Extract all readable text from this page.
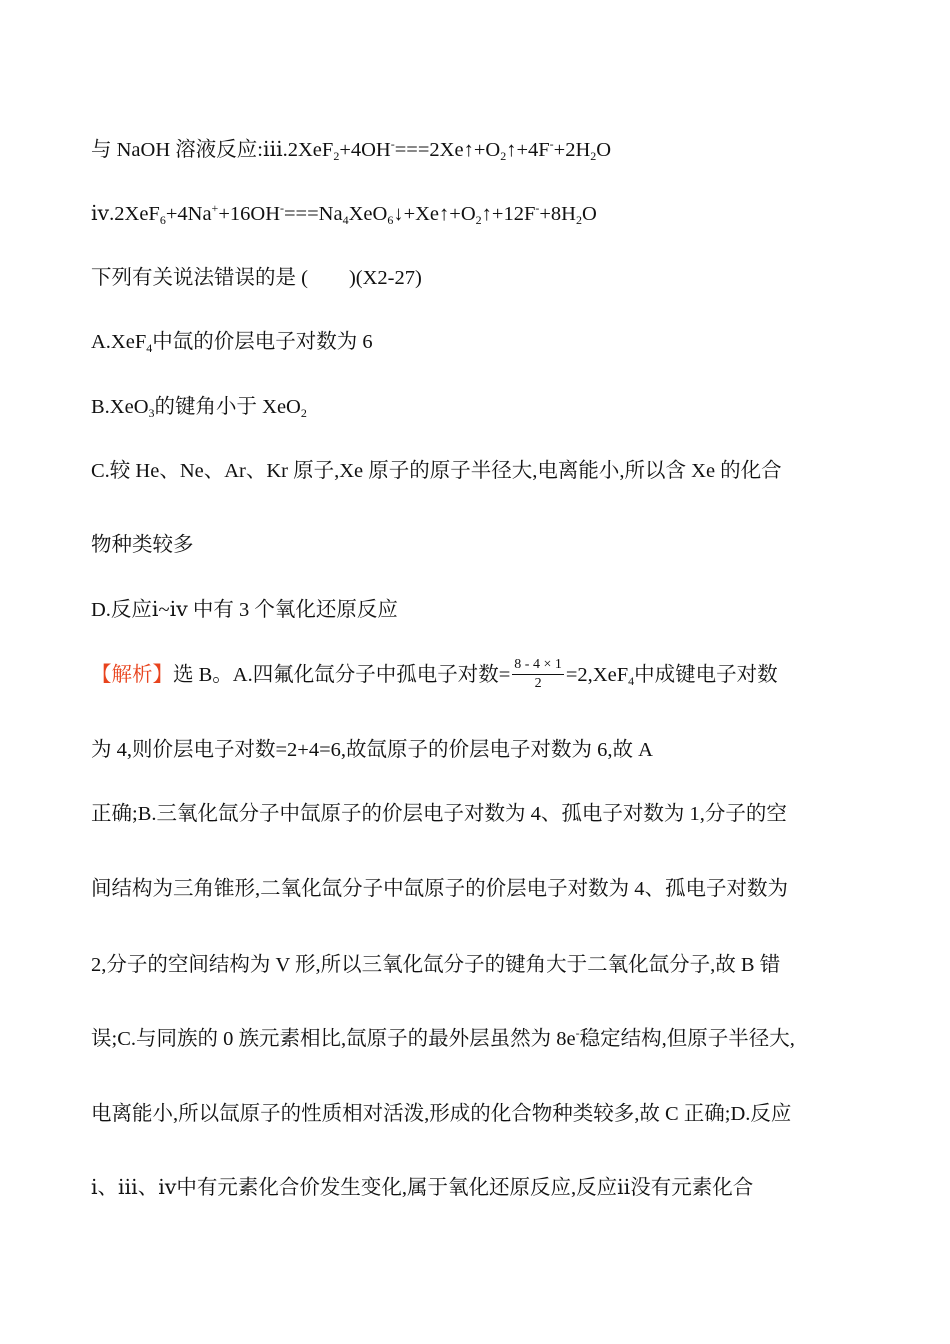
与 NaOH 溶液反应$:ⅲ.2XeF_2+4OH^-===2Xe↑+O_2↑+4F^-+2H_2O$
$ⅳ.2XeF_6+4Na^++16OH^-===Na_4XeO_6↓+Xe↑+O_2↑+12F^-+8H_2O$
下列有关说法错误的是 (　　)(X2-27)
A.XeF$_4$中氙的价层电子对数为 6
B.XeO$_3$的键角小于 XeO$_2$
C.较 He、Ne、Ar、Kr 原子,Xe 原子的原子半径大,电离能小,所以含 Xe 的化合
物种类较多
D.反应ⅰ~ⅳ 中有 3 个氧化还原反应
【解析】选 B。A.四氟化氙分子中孤电子对数= $\frac{8 - 4 \times 1}{2} =2,XeF_4$中成键电子对数
为 4,则价层电子对数=2+4=6,故氙原子的价层电子对数为 6,故 A
正确;B.三氧化氙分子中氙原子的价层电子对数为 4、孤电子对数为 1,分子的空
间结构为三角锥形,二氧化氙分子中氙原子的价层电子对数为 4、孤电子对数为
2,分子的空间结构为 V 形,所以三氧化氙分子的键角大于二氧化氙分子,故 B 错
误;C.与同族的 0 族元素相比,氙原子的最外层虽然为 8e-稳定结构,但原子半径大,
电离能小,所以氙原子的性质相对活泼,形成的化合物种类较多,故 C 正确;D.反应
ⅰ、ⅲ、ⅳ中有元素化合价发生变化,属于氧化还原反应,反应ⅱ没有元素化合
